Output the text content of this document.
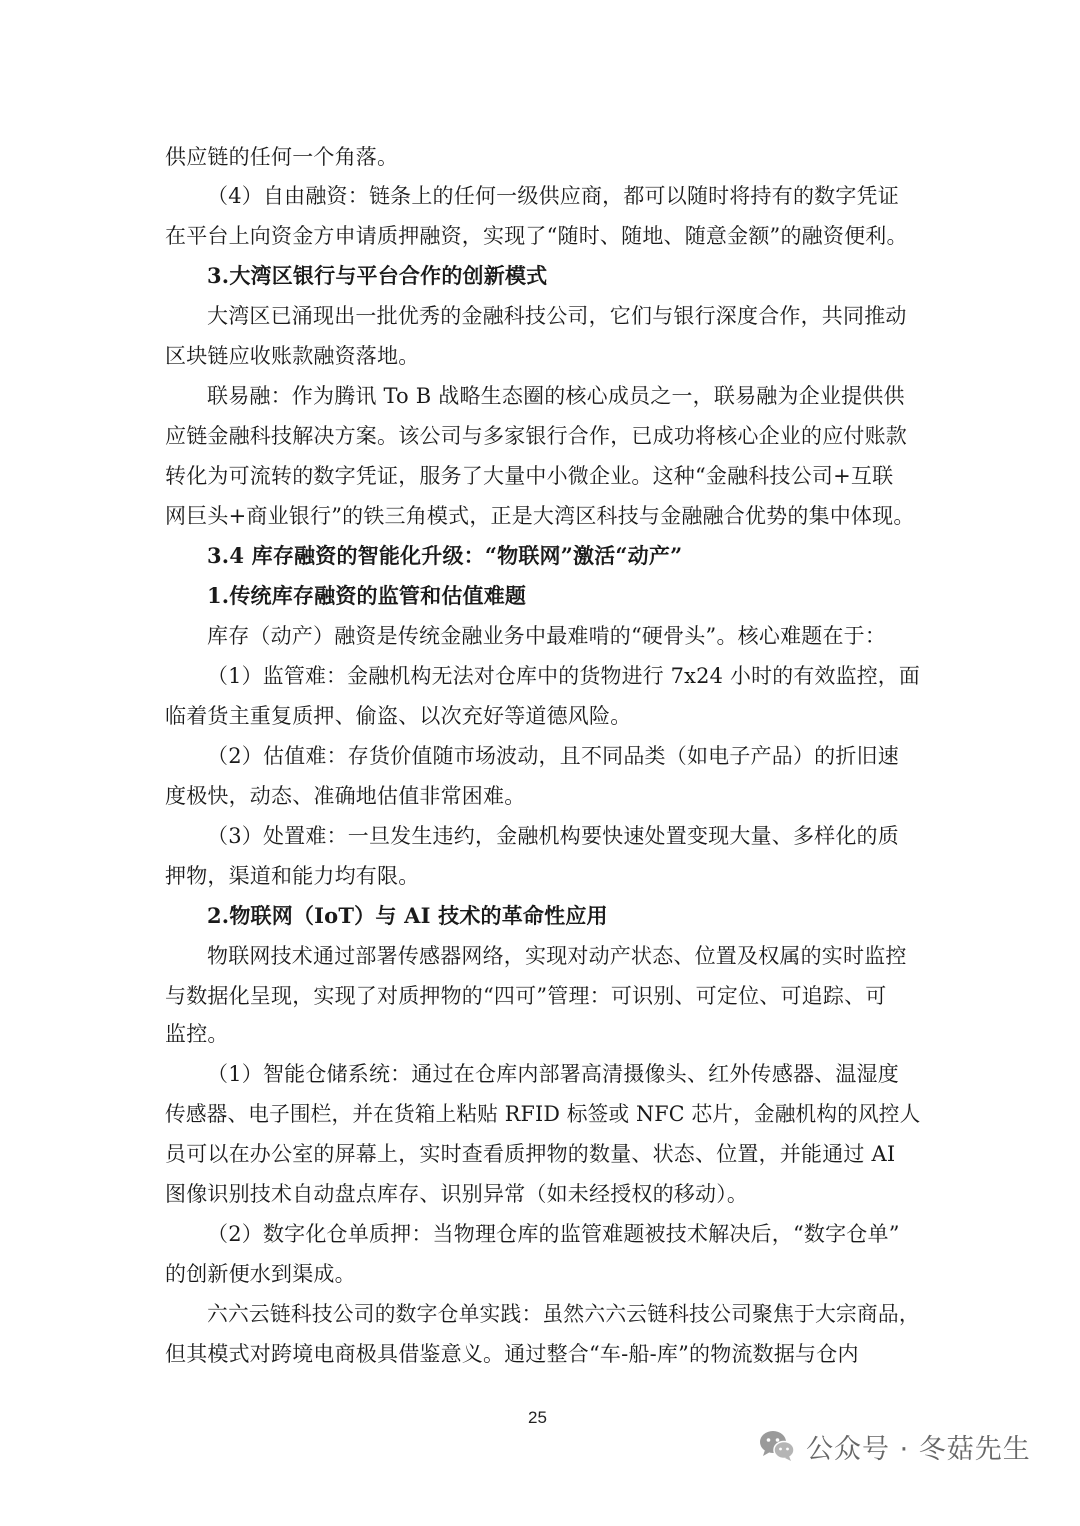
供应链的任何一个角落。
（4）自由融资：链条上的任何一级供应商，都可以随时将持有的数字凭证
在平台上向资金方申请质押融资，实现了“随时、随地、随意金额”的融资便利。
3.大湾区银行与平台合作的创新模式
大湾区已涌现出一批优秀的金融科技公司，它们与银行深度合作，共同推动
区块链应收账款融资落地。
联易融：作为腾讯 To B 战略生态圈的核心成员之一，联易融为企业提供供
应链金融科技解决方案。该公司与多家银行合作，已成功将核心企业的应付账款
转化为可流转的数字凭证，服务了大量中小微企业。这种“金融科技公司+互联
网巨头+商业银行”的铁三角模式，正是大湾区科技与金融融合优势的集中体现。
3.4 库存融资的智能化升级：“物联网”激活“动产”
1.传统库存融资的监管和估值难题
库存（动产）融资是传统金融业务中最难啃的“硬骨头”。核心难题在于：
（1）监管难：金融机构无法对仓库中的货物进行 7x24 小时的有效监控，面
临着货主重复质押、偷盗、以次充好等道德风险。
（2）估值难：存货价值随市场波动，且不同品类（如电子产品）的折旧速
度极快，动态、准确地估值非常困难。
（3）处置难：一旦发生违约，金融机构要快速处置变现大量、多样化的质
押物，渠道和能力均有限。
2.物联网（IoT）与 AI 技术的革命性应用
物联网技术通过部署传感器网络，实现对动产状态、位置及权属的实时监控
与数据化呈现，实现了对质押物的“四可”管理：可识别、可定位、可追踪、可
监控。
（1）智能仓储系统：通过在仓库内部署高清摄像头、红外传感器、温湿度
传感器、电子围栏，并在货箱上粘贴 RFID 标签或 NFC 芯片，金融机构的风控人
员可以在办公室的屏幕上，实时查看质押物的数量、状态、位置，并能通过 AI
图像识别技术自动盘点库存、识别异常（如未经授权的移动）。
（2）数字化仓单质押：当物理仓库的监管难题被技术解决后，“数字仓单”
的创新便水到渠成。
六六云链科技公司的数字仓单实践：虽然六六云链科技公司聚焦于大宗商品，
但其模式对跨境电商极具借鉴意义。通过整合“车-船-库”的物流数据与仓内
25
公众号 · 冬菇先生
